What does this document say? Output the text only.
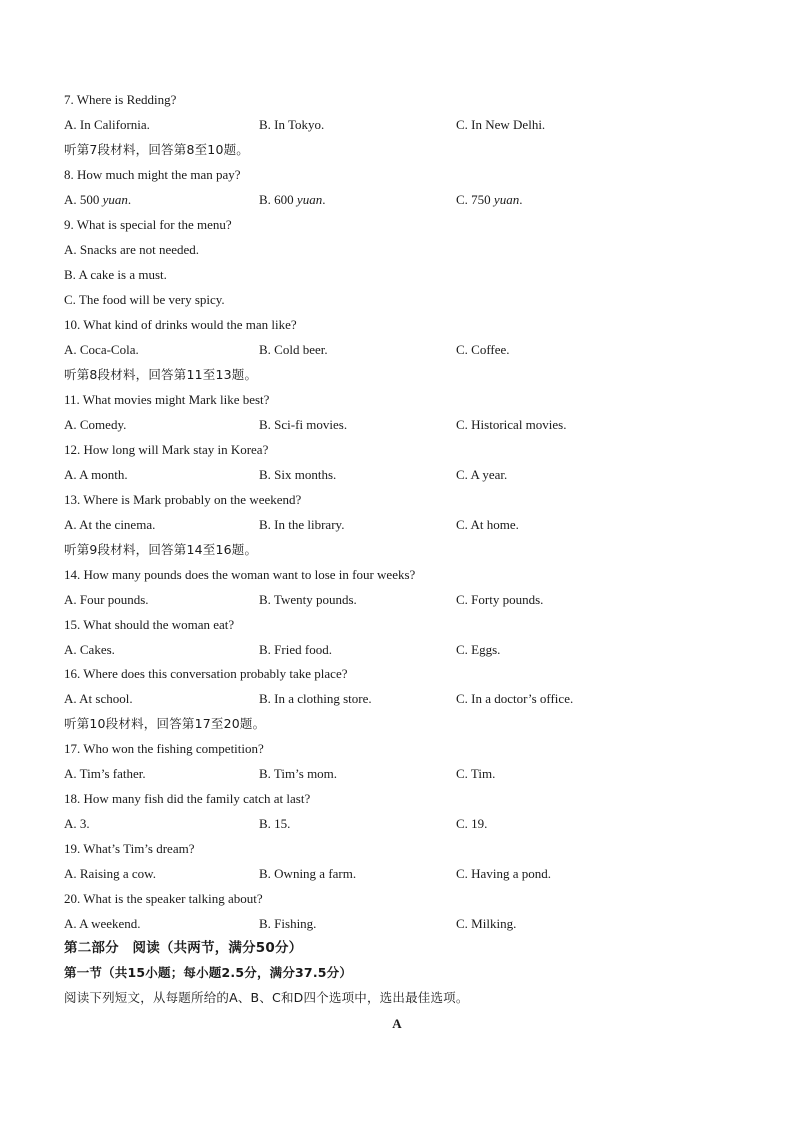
7. Where is Redding?
A. In California.	B. In Tokyo.	C. In New Delhi.
听第7段材料，回答第8至10题。
8. How much might the man pay?
A. 500 yuan.	B. 600 yuan.	C. 750 yuan.
9. What is special for the menu?
A. Snacks are not needed.
B. A cake is a must.
C. The food will be very spicy.
10. What kind of drinks would the man like?
A. Coca-Cola.	B. Cold beer.	C. Coffee.
听第8段材料，回答第11至13题。
11. What movies might Mark like best?
A. Comedy.	B. Sci-fi movies.	C. Historical movies.
12. How long will Mark stay in Korea?
A. A month.	B. Six months.	C. A year.
13. Where is Mark probably on the weekend?
A. At the cinema.	B. In the library.	C. At home.
听第9段材料，回答第14至16题。
14. How many pounds does the woman want to lose in four weeks?
A. Four pounds.	B. Twenty pounds.	C. Forty pounds.
15. What should the woman eat?
A. Cakes.	B. Fried food.	C. Eggs.
16. Where does this conversation probably take place?
A. At school.	B. In a clothing store.	C. In a doctor’s office.
听第10段材料，回答第17至20题。
17. Who won the fishing competition?
A. Tim’s father.	B. Tim’s mom.	C. Tim.
18. How many fish did the family catch at last?
A. 3.	B. 15.	C. 19.
19. What’s Tim’s dream?
A. Raising a cow.	B. Owning a farm.	C. Having a pond.
20. What is the speaker talking about?
A. A weekend.	B. Fishing.	C. Milking.
第二部分　阅读（共两节，满分50分）
第一节（共15小题；每小题2.5分，满分37.5分）
阅读下列短文，从每题所给的A、B、C和D四个选项中，选出最佳选项。
A
